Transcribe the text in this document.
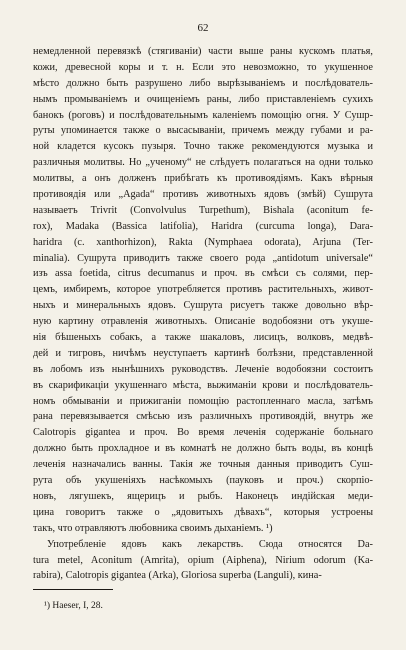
62
немедленной перевязкѣ (стягиваніи) части выше раны кускомъ платья,
кожи, древесной коры и т. н. Если это невозможно, то укушенное
мѣсто должно быть разрушено либо вырѣзываніемъ и послѣдователь-
нымъ промываніемъ и очищеніемъ раны, либо приставленіемъ сухихъ
банокъ (роговъ) и послѣдовательнымъ каленіемъ помощію огня. У Сушр-
руты упоминается также о высасываніи, причемъ между губами и ра-
ной кладется кусокъ пузыря. Точно также рекомендуются музыка и
различныя молитвы. Но „ученому“ не слѣдуетъ полагаться на одни только
молитвы, а онъ долженъ прибѣгать къ противоядіямъ. Какъ вѣрныя
противоядія или „Agada“ противъ животныхъ ядовъ (змѣй) Сушрута
называетъ Trivrit (Convolvulus Turpethum), Bishala (aconitum fe-
rox), Madaka (Bassica latifolia), Haridra (curcuma longa), Dara-
haridra (c. xanthorhizon), Rakta (Nymphaea odorata), Arjuna (Ter-
minalia). Сушрута приводитъ также своего рода „antidotum universale“
изъ assa foetida, citrus decumanus и проч. въ смѣси съ солями, пер-
цемъ, имбиремъ, которое употребляется противъ растительныхъ, живот-
ныхъ и минеральныхъ ядовъ. Сушрута рисуетъ также довольно вѣр-
ную картину отравленія животныхъ. Описаніе водобоязни отъ укуше-
нія бѣшеныхъ собакъ, а также шакаловъ, лисицъ, волковъ, медвѣ-
дей и тигровъ, ничѣмъ неуступаетъ картинѣ болѣзни, представленной
въ лобомъ изъ нынѣшнихъ руководствъ. Леченіе водобоязни состоитъ
въ скарификаціи укушеннаго мѣста, выжиманіи крови и послѣдователь-
номъ обмываніи и прижиганіи помощію растопленнаго масла, затѣмъ
рана перевязывается смѣсью изъ различныхъ противоядій, внутрь же
Calotropis gigantea и проч. Во время леченія содержаніе больнаго
должно быть прохладное и въ комнатѣ не должно быть воды, въ концѣ
леченія назначались ванны. Такія же точныя данныя приводитъ Суш-
рута объ укушеніяхъ насѣкомыхъ (пауковъ и проч.) скорпіо-
новъ, лягушекъ, ящерицъ и рыбъ. Наконецъ индійская меди-
цина говоритъ также о „ядовитыхъ дѣвахъ“, которыя устроены
такъ, что отравляютъ любовника своимъ дыханіемъ. ¹)
Употребленіе ядовъ какъ лекарствъ. Сюда относятся Da-
tura metel, Aconitum (Amrita), opium (Aiphena), Nirium odorum (Ka-
rabira), Calotropis gigantea (Arka), Gloriosa superba (Languli), кина-
¹) Haeser, I, 28.
